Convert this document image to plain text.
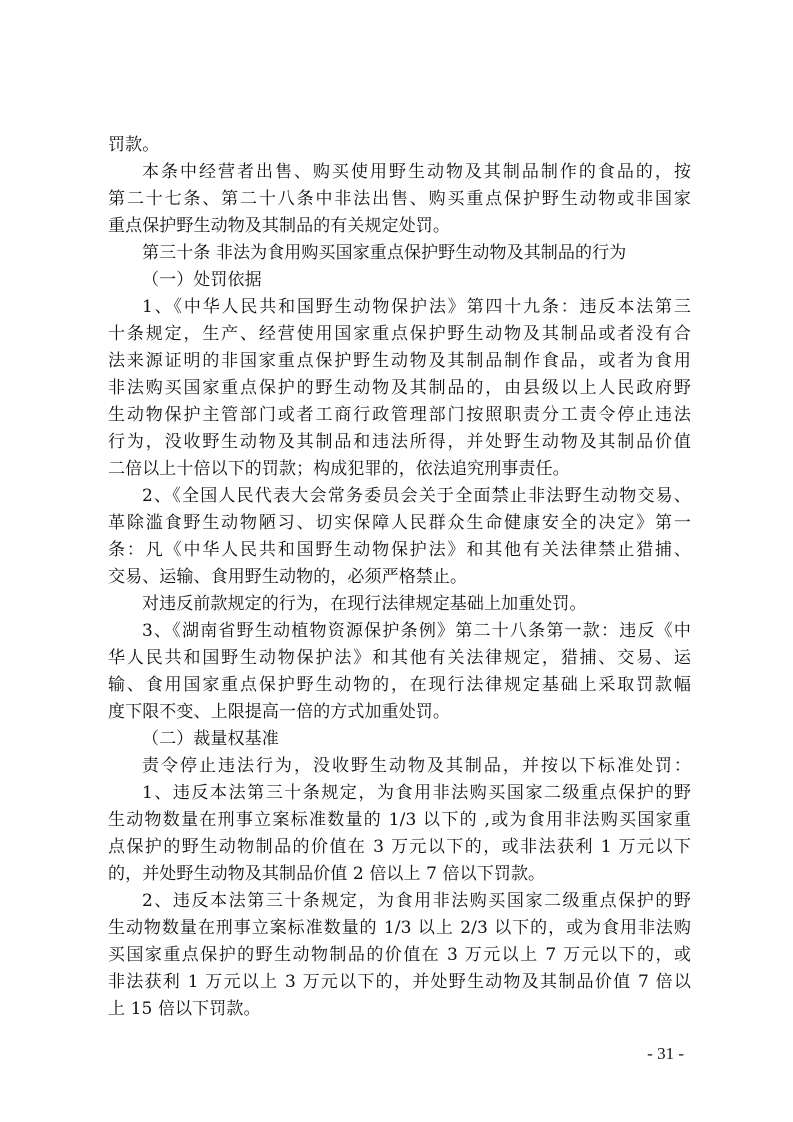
罚款。
本条中经营者出售、购买使用野生动物及其制品制作的食品的，按
第二十七条、第二十八条中非法出售、购买重点保护野生动物或非国家
重点保护野生动物及其制品的有关规定处罚。
第三十条 非法为食用购买国家重点保护野生动物及其制品的行为
（一）处罚依据
1、《中华人民共和国野生动物保护法》第四十九条：违反本法第三
十条规定，生产、经营使用国家重点保护野生动物及其制品或者没有合
法来源证明的非国家重点保护野生动物及其制品制作食品，或者为食用
非法购买国家重点保护的野生动物及其制品的，由县级以上人民政府野
生动物保护主管部门或者工商行政管理部门按照职责分工责令停止违法
行为，没收野生动物及其制品和违法所得，并处野生动物及其制品价值
二倍以上十倍以下的罚款；构成犯罪的，依法追究刑事责任。
2、《全国人民代表大会常务委员会关于全面禁止非法野生动物交易、
革除滥食野生动物陋习、切实保障人民群众生命健康安全的决定》第一
条：凡《中华人民共和国野生动物保护法》和其他有关法律禁止猎捕、
交易、运输、食用野生动物的，必须严格禁止。
对违反前款规定的行为，在现行法律规定基础上加重处罚。
3、《湖南省野生动植物资源保护条例》第二十八条第一款：违反《中
华人民共和国野生动物保护法》和其他有关法律规定，猎捕、交易、运
输、食用国家重点保护野生动物的，在现行法律规定基础上采取罚款幅
度下限不变、上限提高一倍的方式加重处罚。
（二）裁量权基准
责令停止违法行为，没收野生动物及其制品，并按以下标准处罚：
1、违反本法第三十条规定，为食用非法购买国家二级重点保护的野
生动物数量在刑事立案标准数量的 1/3 以下的 ,或为食用非法购买国家重
点保护的野生动物制品的价值在 3 万元以下的，或非法获利 1 万元以下
的，并处野生动物及其制品价值 2 倍以上 7 倍以下罚款。
2、违反本法第三十条规定，为食用非法购买国家二级重点保护的野
生动物数量在刑事立案标准数量的 1/3 以上 2/3 以下的，或为食用非法购
买国家重点保护的野生动物制品的价值在 3 万元以上 7 万元以下的，或
非法获利 1 万元以上 3 万元以下的，并处野生动物及其制品价值 7 倍以
上 15 倍以下罚款。
- 31 -
